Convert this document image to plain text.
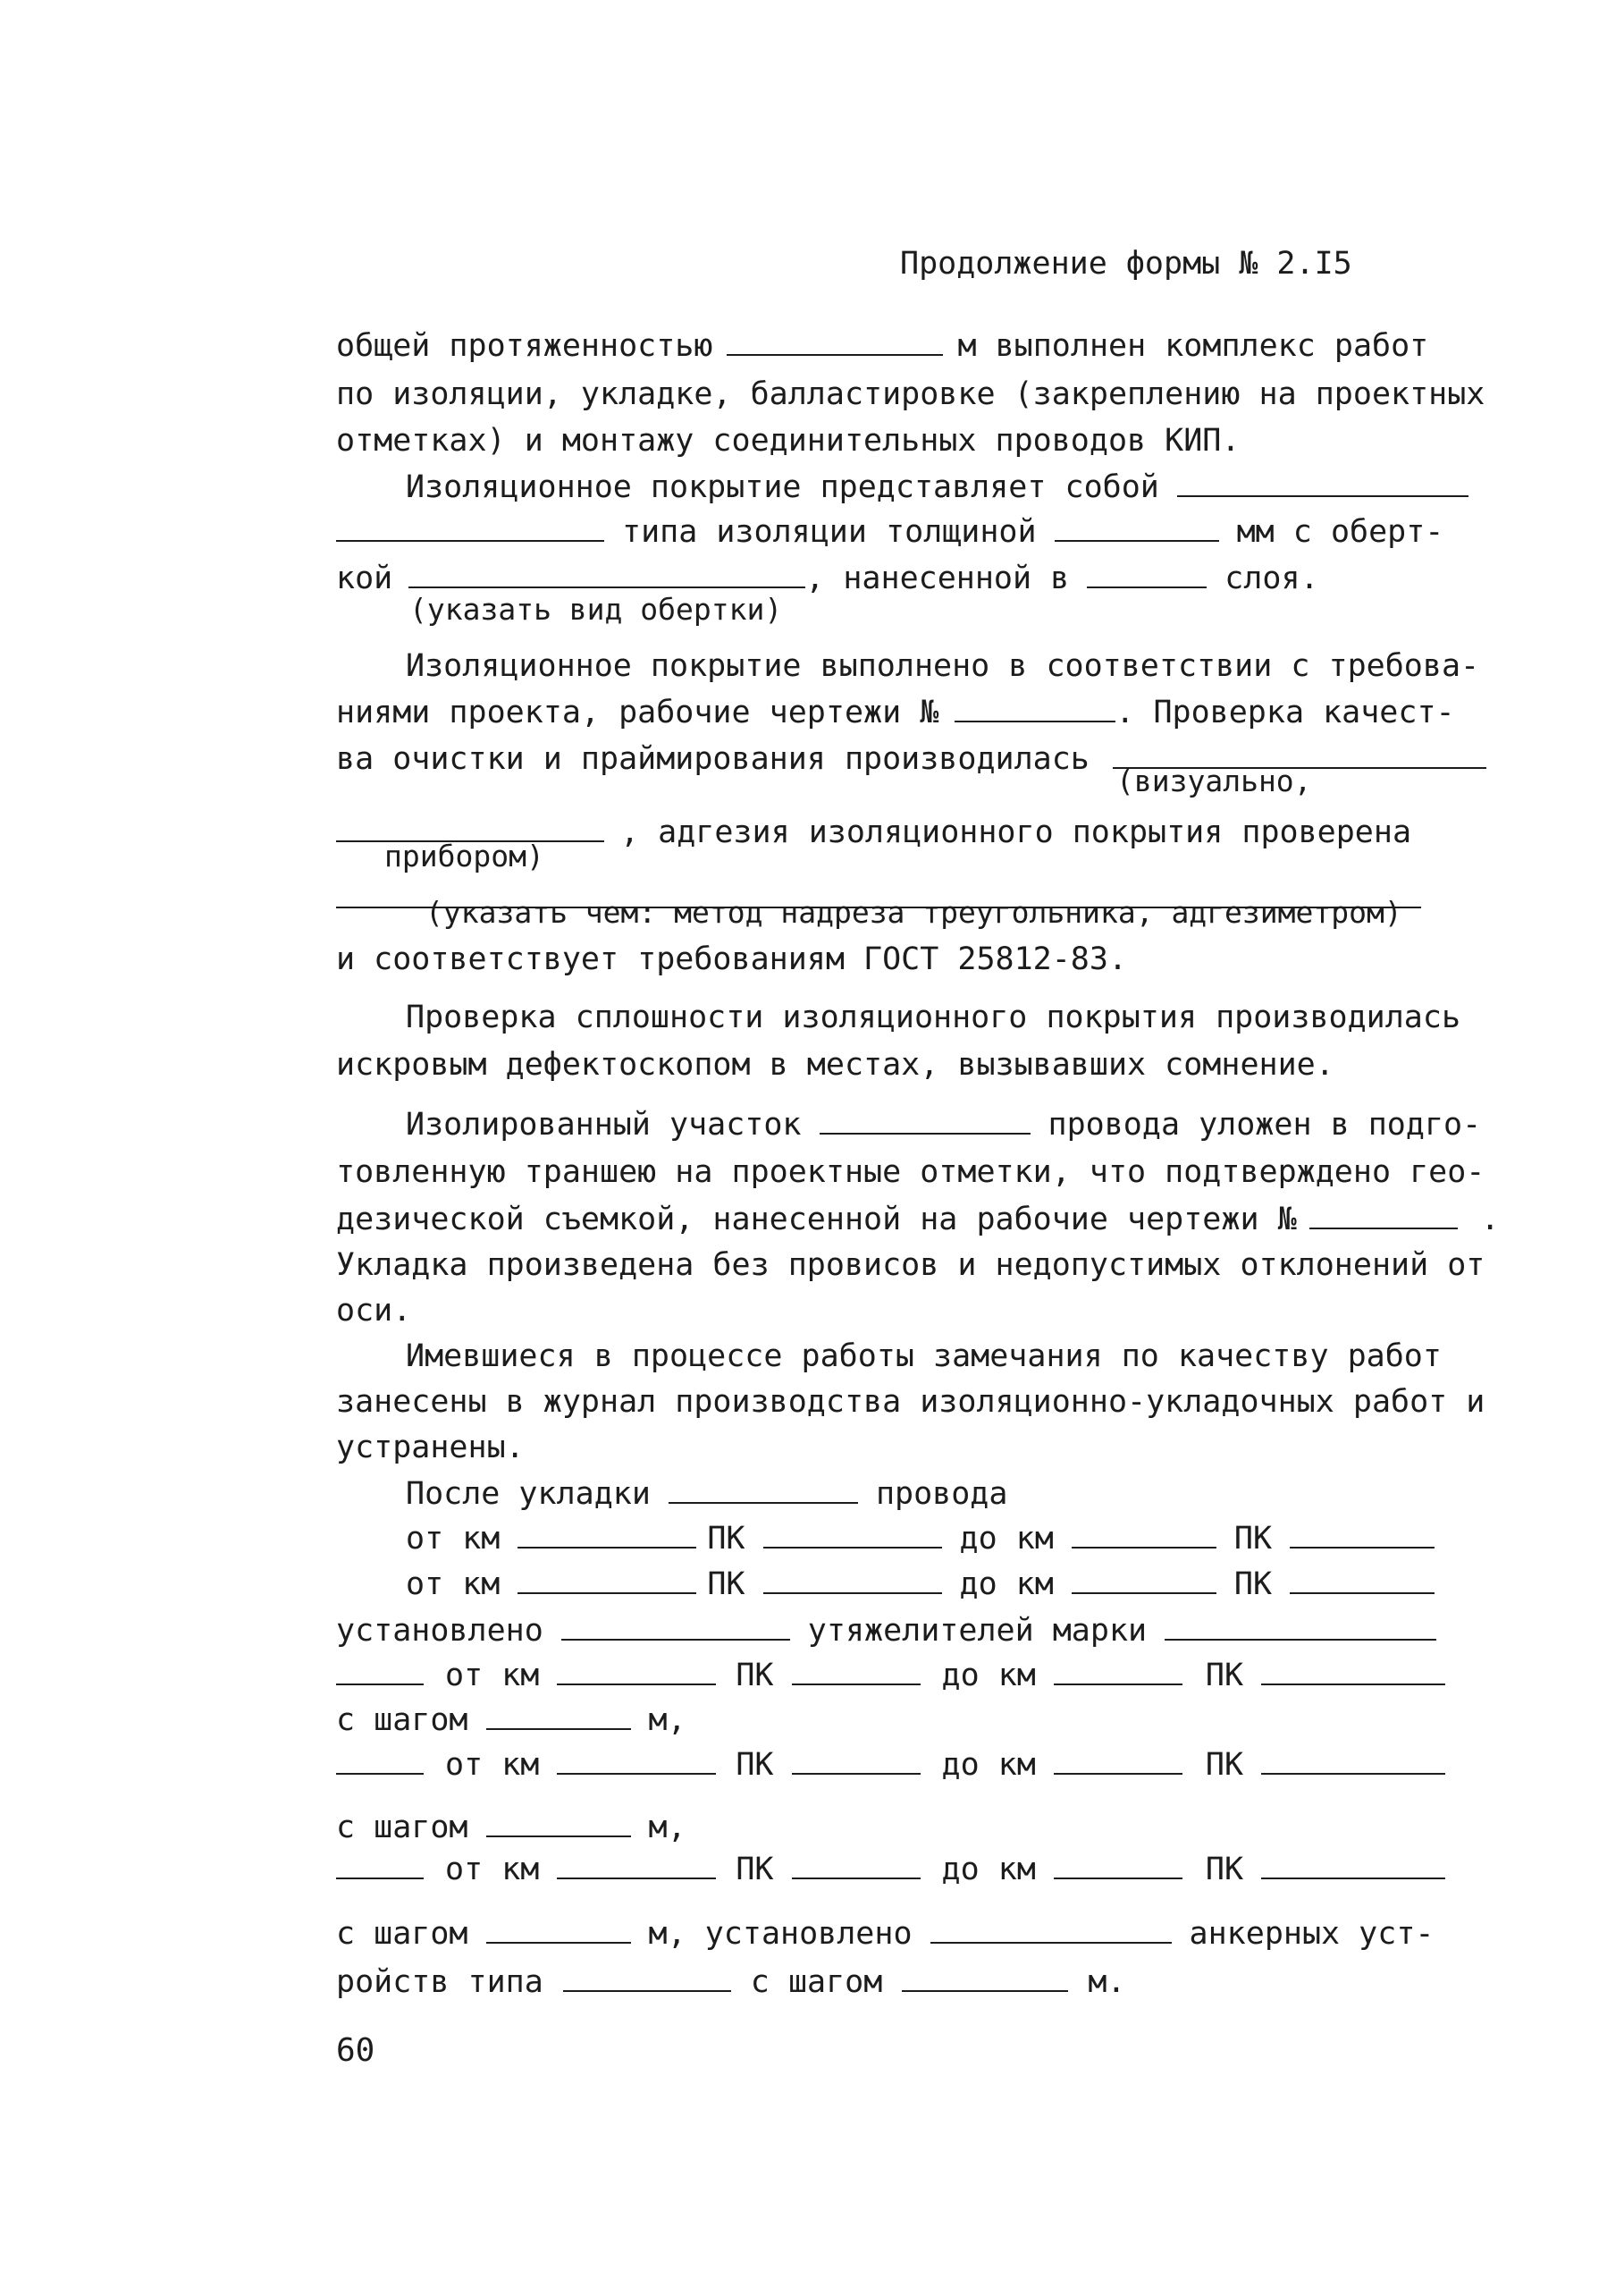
Продолжение формы № 2.I5
общей протяженностью	м выполнен комплекс работ
по изоляции, укладке, балластировке (закреплению на проектных
отметках) и монтажу соединительных проводов КИП.
Изоляционное покрытие представляет собой
типа изоляции толщиной	мм с оберт-
кой	, нанесенной в	слоя.
(указать вид обертки)
Изоляционное покрытие выполнено в соответствии с требова-
ниями проекта, рабочие чертежи №	. Проверка качест-
ва очистки и праймирования производилась
(визуально,
, адгезия изоляционного покрытия проверена
прибором)
(указать чем: метод надреза треугольника, адгезиметром)
и соответствует требованиям ГОСТ 25812-83.
Проверка сплошности изоляционного покрытия производилась
искровым дефектоскопом в местах, вызывавших сомнение.
Изолированный участок	провода уложен в подго-
товленную траншею на проектные отметки, что подтверждено гео-
дезической съемкой, нанесенной на рабочие чертежи №	.
Укладка произведена без провисов и недопустимых отклонений от
оси.
Имевшиеся в процессе работы замечания по качеству работ
занесены в журнал производства изоляционно-укладочных работ и
устранены.
После укладки	провода
от км	ПК	до км	ПК
от км	ПК	до км	ПК
установлено	утяжелителей марки
от км	ПК	до км	ПК
с шагом	м,
от км	ПК	до км	ПК
с шагом	м,
от км	ПК	до км	ПК
с шагом	м, установлено	анкерных уст-
ройств типа	с шагом	м.
60
